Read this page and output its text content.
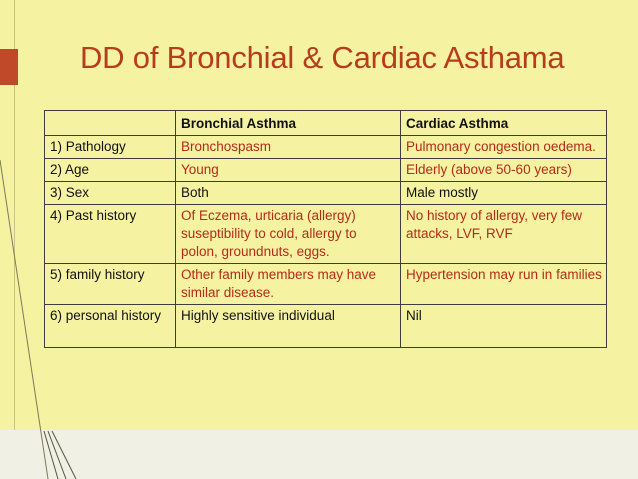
DD of Bronchial & Cardiac Asthama
	Bronchial Asthma	Cardiac Asthma
1) Pathology	Bronchospasm	Pulmonary congestion oedema.
2) Age	Young	Elderly (above 50-60 years)
3) Sex	Both	Male mostly
4) Past history	Of Eczema, urticaria (allergy) suseptibility to cold, allergy to polon, groundnuts, eggs.	No history of allergy, very few attacks, LVF, RVF
5) family history	Other family members may have similar disease.	Hypertension may run in families
6) personal history	Highly sensitive individual	Nil
